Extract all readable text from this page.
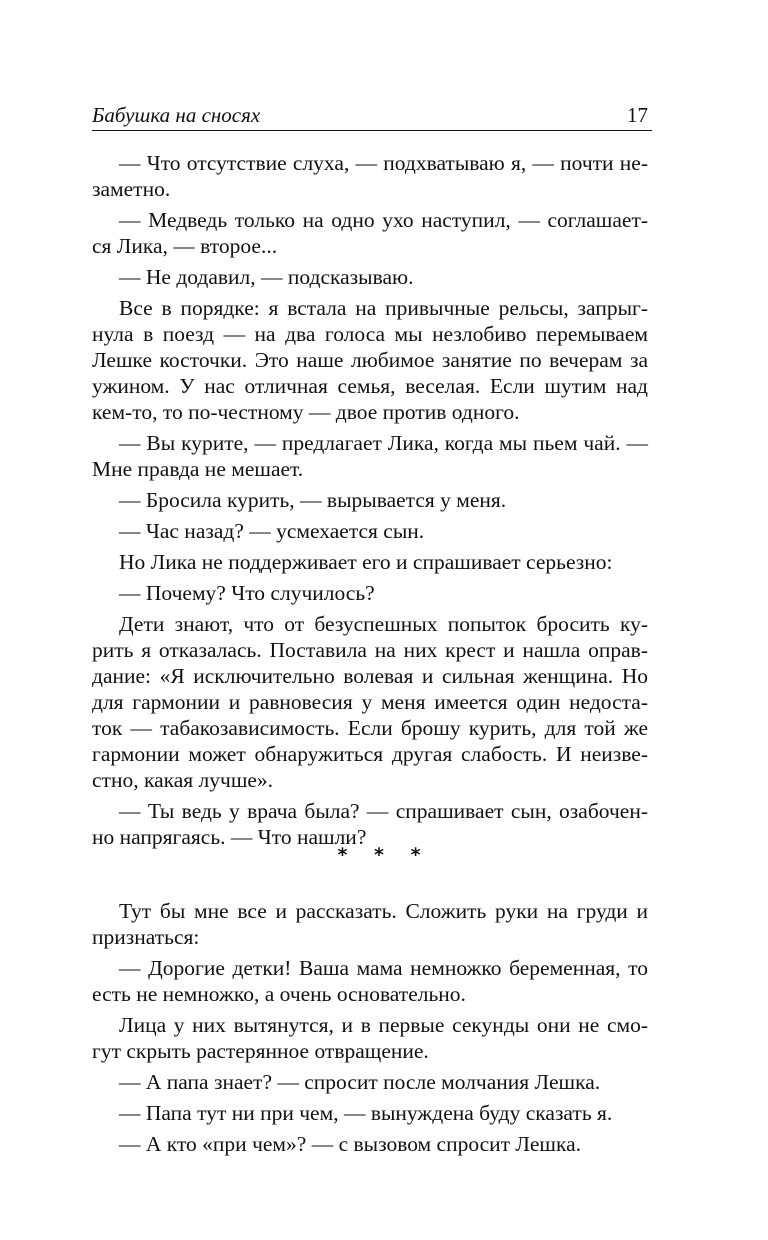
Бабушка на сносях	17
— Что отсутствие слуха, — подхватываю я, — почти не-
заметно.
— Медведь только на одно ухо наступил, — соглашает-
ся Лика, — второе...
— Не додавил, — подсказываю.
Все в порядке: я встала на привычные рельсы, запрыг-
нула в поезд — на два голоса мы незлобиво перемываем
Лешке косточки. Это наше любимое занятие по вечерам за
ужином. У нас отличная семья, веселая. Если шутим над
кем-то, то по-честному — двое против одного.
— Вы курите, — предлагает Лика, когда мы пьем чай. —
Мне правда не мешает.
— Бросила курить, — вырывается у меня.
— Час назад? — усмехается сын.
Но Лика не поддерживает его и спрашивает серьезно:
— Почему? Что случилось?
Дети знают, что от безуспешных попыток бросить ку-
рить я отказалась. Поставила на них крест и нашла оправ-
дание: «Я исключительно волевая и сильная женщина. Но
для гармонии и равновесия у меня имеется один недоста-
ток — табакозависимость. Если брошу курить, для той же
гармонии может обнаружиться другая слабость. И неизве-
стно, какая лучше».
— Ты ведь у врача была? — спрашивает сын, озабочен-
но напрягаясь. — Что нашли?
* * *
Тут бы мне все и рассказать. Сложить руки на груди и
признаться:
— Дорогие детки! Ваша мама немножко беременная, то
есть не немножко, а очень основательно.
Лица у них вытянутся, и в первые секунды они не смо-
гут скрыть растерянное отвращение.
— А папа знает? — спросит после молчания Лешка.
— Папа тут ни при чем, — вынуждена буду сказать я.
— А кто «при чем»? — с вызовом спросит Лешка.
